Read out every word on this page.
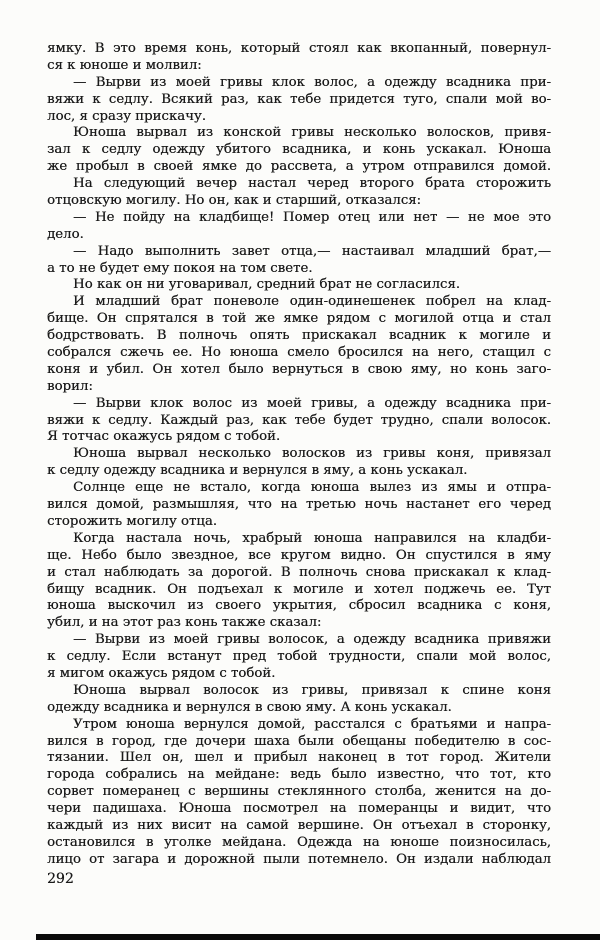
ямку. В это время конь, который стоял как вкопанный, повернул-
ся к юноше и молвил:
— Вырви из моей гривы клок волос, а одежду всадника при-
вяжи к седлу. Всякий раз, как тебе придется туго, спали мой во-
лос, я сразу прискачу.
Юноша вырвал из конской гривы несколько волосков, привя-
зал к седлу одежду убитого всадника, и конь ускакал. Юноша
же пробыл в своей ямке до рассвета, а утром отправился домой.
На следующий вечер настал черед второго брата сторожить
отцовскую могилу. Но он, как и старший, отказался:
— Не пойду на кладбище! Помер отец или нет — не мое это
дело.
— Надо выполнить завет отца,— настаивал младший брат,—
а то не будет ему покоя на том свете.
Но как он ни уговаривал, средний брат не согласился.
И младший брат поневоле один-одинешенек побрел на клад-
бище. Он спрятался в той же ямке рядом с могилой отца и стал
бодрствовать. В полночь опять прискакал всадник к могиле и
собрался сжечь ее. Но юноша смело бросился на него, стащил с
коня и убил. Он хотел было вернуться в свою яму, но конь заго-
ворил:
— Вырви клок волос из моей гривы, а одежду всадника при-
вяжи к седлу. Каждый раз, как тебе будет трудно, спали волосок.
Я тотчас окажусь рядом с тобой.
Юноша вырвал несколько волосков из гривы коня, привязал
к седлу одежду всадника и вернулся в яму, а конь ускакал.
Солнце еще не встало, когда юноша вылез из ямы и отпра-
вился домой, размышляя, что на третью ночь настанет его черед
сторожить могилу отца.
Когда настала ночь, храбрый юноша направился на кладби-
ще. Небо было звездное, все кругом видно. Он спустился в яму
и стал наблюдать за дорогой. В полночь снова прискакал к клад-
бищу всадник. Он подъехал к могиле и хотел поджечь ее. Тут
юноша выскочил из своего укрытия, сбросил всадника с коня,
убил, и на этот раз конь также сказал:
— Вырви из моей гривы волосок, а одежду всадника привяжи
к седлу. Если встанут пред тобой трудности, спали мой волос,
я мигом окажусь рядом с тобой.
Юноша вырвал волосок из гривы, привязал к спине коня
одежду всадника и вернулся в свою яму. А конь ускакал.
Утром юноша вернулся домой, расстался с братьями и напра-
вился в город, где дочери шаха были обещаны победителю в сос-
тязании. Шел он, шел и прибыл наконец в тот город. Жители
города собрались на мейдане: ведь было известно, что тот, кто
сорвет померанец с вершины стеклянного столба, женится на до-
чери падишаха. Юноша посмотрел на померанцы и видит, что
каждый из них висит на самой вершине. Он отъехал в сторонку,
остановился в уголке мейдана. Одежда на юноше поизносилась,
лицо от загара и дорожной пыли потемнело. Он издали наблюдал
292
